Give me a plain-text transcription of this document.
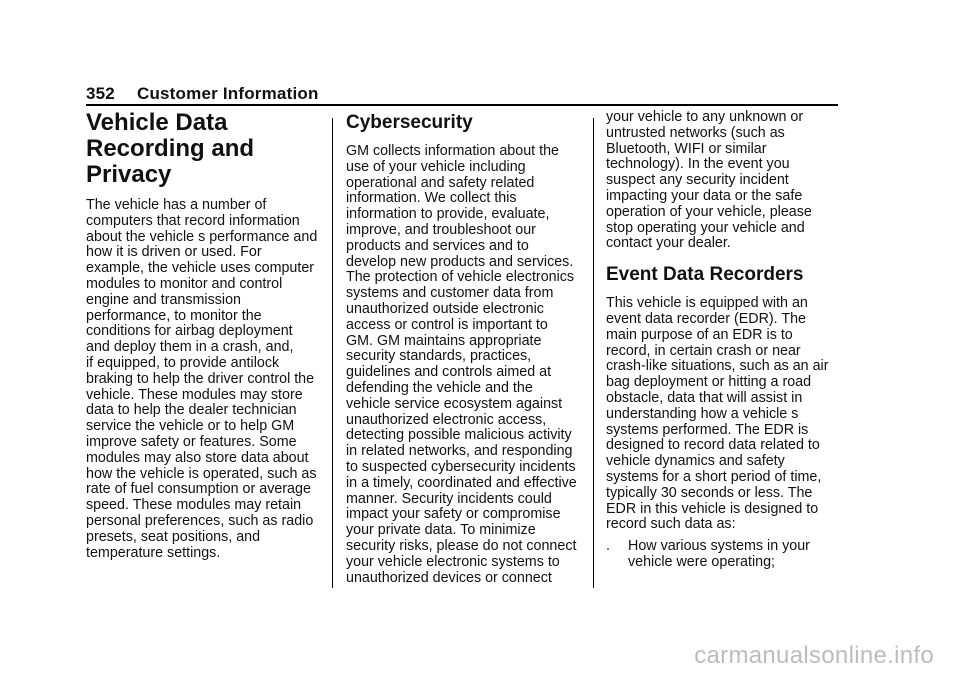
352 Customer Information
Vehicle Data
Recording and
Privacy

The vehicle has a number of
computers that record information
about the vehicle s performance and
how it is driven or used. For
example, the vehicle uses computer
modules to monitor and control
engine and transmission
performance, to monitor the
conditions for airbag deployment
and deploy them in a crash, and,
if equipped, to provide antilock
braking to help the driver control the
vehicle. These modules may store
data to help the dealer technician
service the vehicle or to help GM
improve safety or features. Some
modules may also store data about
how the vehicle is operated, such as
rate of fuel consumption or average
speed. These modules may retain
personal preferences, such as radio
presets, seat positions, and
temperature settings.

Cybersecurity

GM collects information about the
use of your vehicle including
operational and safety related
information. We collect this
information to provide, evaluate,
improve, and troubleshoot our
products and services and to
develop new products and services.
The protection of vehicle electronics
systems and customer data from
unauthorized outside electronic
access or control is important to
GM. GM maintains appropriate
security standards, practices,
guidelines and controls aimed at
defending the vehicle and the
vehicle service ecosystem against
unauthorized electronic access,
detecting possible malicious activity
in related networks, and responding
to suspected cybersecurity incidents
in a timely, coordinated and effective
manner. Security incidents could
impact your safety or compromise
your private data. To minimize
security risks, please do not connect
your vehicle electronic systems to
unauthorized devices or connect

your vehicle to any unknown or
untrusted networks (such as
Bluetooth, WIFI or similar
technology). In the event you
suspect any security incident
impacting your data or the safe
operation of your vehicle, please
stop operating your vehicle and
contact your dealer.

Event Data Recorders

This vehicle is equipped with an
event data recorder (EDR). The
main purpose of an EDR is to
record, in certain crash or near
crash-like situations, such as an air
bag deployment or hitting a road
obstacle, data that will assist in
understanding how a vehicle s
systems performed. The EDR is
designed to record data related to
vehicle dynamics and safety
systems for a short period of time,
typically 30 seconds or less. The
EDR in this vehicle is designed to
record such data as:

.	How various systems in your
vehicle were operating;
carmanualsonline.info
